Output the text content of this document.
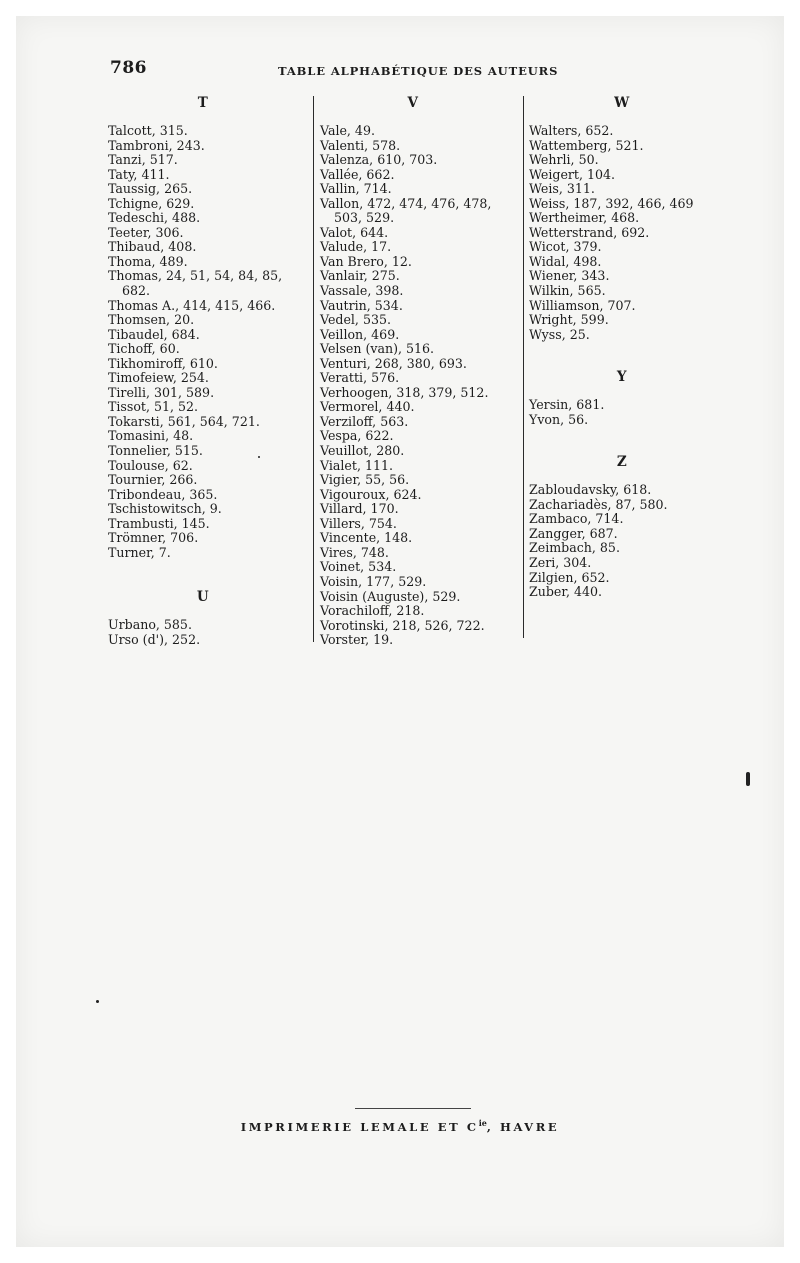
786	TABLE ALPHABÉTIQUE DES AUTEURS
T
Talcott, 315.
Tambroni, 243.
Tanzi, 517.
Taty, 411.
Taussig, 265.
Tchigne, 629.
Tedeschi, 488.
Teeter, 306.
Thibaud, 408.
Thoma, 489.
Thomas, 24, 51, 54, 84, 85,
682.
Thomas A., 414, 415, 466.
Thomsen, 20.
Tibaudel, 684.
Tichoff, 60.
Tikhomiroff, 610.
Timofeiew, 254.
Tirelli, 301, 589.
Tissot, 51, 52.
Tokarsti, 561, 564, 721.
Tomasini, 48.
Tonnelier, 515.
Toulouse, 62.
Tournier, 266.
Tribondeau, 365.
Tschistowitsch, 9.
Trambusti, 145.
Trömner, 706.
Turner, 7.
U
Urbano, 585.
Urso (d'), 252.
V
Vale, 49.
Valenti, 578.
Valenza, 610, 703.
Vallée, 662.
Vallin, 714.
Vallon, 472, 474, 476, 478,
503, 529.
Valot, 644.
Valude, 17.
Van Brero, 12.
Vanlair, 275.
Vassale, 398.
Vautrin, 534.
Vedel, 535.
Veillon, 469.
Velsen (van), 516.
Venturi, 268, 380, 693.
Veratti, 576.
Verhoogen, 318, 379, 512.
Vermorel, 440.
Verziloff, 563.
Vespa, 622.
Veuillot, 280.
Vialet, 111.
Vigier, 55, 56.
Vigouroux, 624.
Villard, 170.
Villers, 754.
Vincente, 148.
Vires, 748.
Voinet, 534.
Voisin, 177, 529.
Voisin (Auguste), 529.
Vorachiloff, 218.
Vorotinski, 218, 526, 722.
Vorster, 19.
W
Walters, 652.
Wattemberg, 521.
Wehrli, 50.
Weigert, 104.
Weis, 311.
Weiss, 187, 392, 466, 469
Wertheimer, 468.
Wetterstrand, 692.
Wicot, 379.
Widal, 498.
Wiener, 343.
Wilkin, 565.
Williamson, 707.
Wright, 599.
Wyss, 25.
Y
Yersin, 681.
Yvon, 56.
Z
Zabloudavsky, 618.
Zachariadès, 87, 580.
Zambaco, 714.
Zangger, 687.
Zeimbach, 85.
Zeri, 304.
Zilgien, 652.
Zuber, 440.
IMPRIMERIE LEMALE ET $C^{ie}$, HAVRE
